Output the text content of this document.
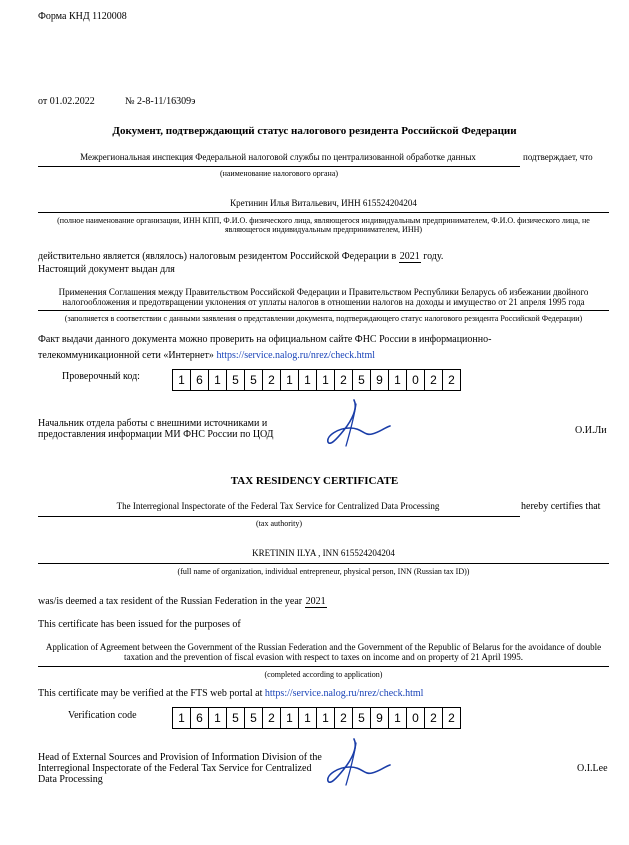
Форма КНД 1120008
от 01.02.2022	№ 2-8-11/16309э
Документ, подтверждающий статус налогового резидента Российской Федерации
Межрегиональная инспекция Федеральной налоговой службы по централизованной обработке данных	подтверждает, что
(наименование налогового органа)
Кретинин Илья Витальевич, ИНН 615524204204
(полное наименование организации, ИНН КПП, Ф.И.О. физического лица, являющегося индивидуальным предпринимателем, Ф.И.О. физического лица, не являющегося индивидуальным предпринимателем, ИНН)
действительно является (являлось) налоговым резидентом Российской Федерации в 2021 году.
Настоящий документ выдан для
Применения Соглашения между Правительством Российской Федерации и Правительством Республики Беларусь об избежании двойного налогообложения и предотвращении уклонения от уплаты налогов в отношении налогов на доходы и имущество от 21 апреля 1995 года
(заполняется в соответствии с данными заявления о представлении документа, подтверждающего статус налогового резидента Российской Федерации)
Факт выдачи данного документа можно проверить на официальном сайте ФНС России в информационно-
телекоммуникационной сети «Интернет» https://service.nalog.ru/nrez/check.html
Проверочный код:	1 6 1 5 5 2 1 1 1 2 5 9 1 0 2 2
Начальник отдела работы с внешними источниками и предоставления информации МИ ФНС России по ЦОД	О.И.Ли
TAX RESIDENCY CERTIFICATE
The Interregional Inspectorate of the Federal Tax Service for Centralized Data Processing	hereby certifies that
(tax authority)
KRETININ ILYA , INN 615524204204
(full name of organization, individual entrepreneur, physical person, INN (Russian tax ID))
was/is deemed a tax resident of the Russian Federation in the year 2021
This certificate has been issued for the purposes of
Application of Agreement between the Government of the Russian Federation and the Government of the Republic of Belarus for the avoidance of double taxation and the prevention of fiscal evasion with respect to taxes on income and on property of 21 April 1995.
(completed according to application)
This certificate may be verified at the FTS web portal at https://service.nalog.ru/nrez/check.html
Verification code	1 6 1 5 5 2 1 1 1 2 5 9 1 0 2 2
Head of External Sources and Provision of Information Division of the Interregional Inspectorate of the Federal Tax Service for Centralized Data Processing
O.I.Lee
